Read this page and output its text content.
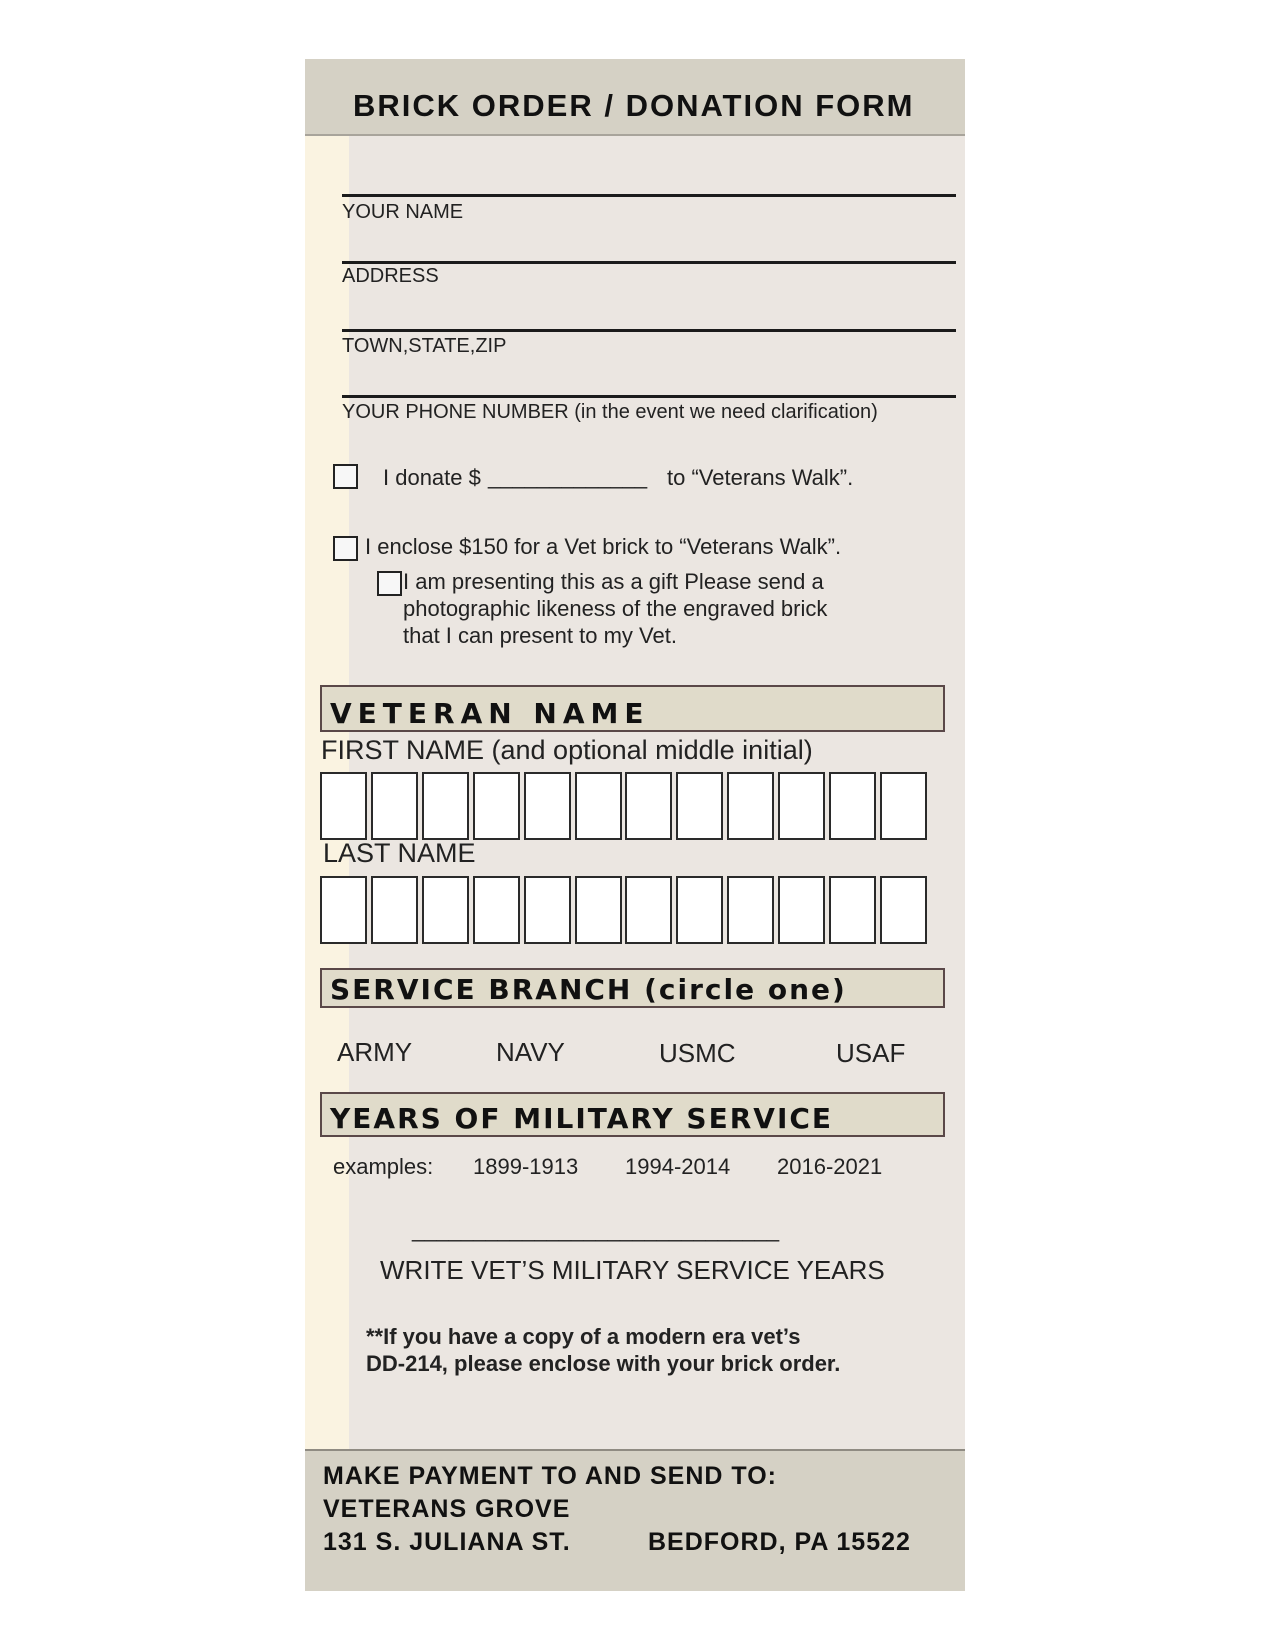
BRICK ORDER / DONATION FORM
YOUR NAME
ADDRESS
TOWN,STATE,ZIP
YOUR PHONE NUMBER (in the event we need clarification)
I donate $ _____________ to “Veterans Walk”.
I enclose $150 for a Vet brick to “Veterans Walk”.
I am presenting this as a gift Please send a
photographic likeness of the engraved brick
that I can present to my Vet.
VETERAN NAME
FIRST NAME (and optional middle initial)
LAST NAME
SERVICE BRANCH (circle one)
ARMY	NAVY	USMC	USAF
YEARS OF MILITARY SERVICE
examples: 1899-1913 1994-2014 2016-2021
______________________________
WRITE VET’S MILITARY SERVICE YEARS
**If you have a copy of a modern era vet’s
DD-214, please enclose with your brick order.
MAKE PAYMENT TO AND SEND TO:
VETERANS GROVE
131 S. JULIANA ST.	BEDFORD, PA 15522
